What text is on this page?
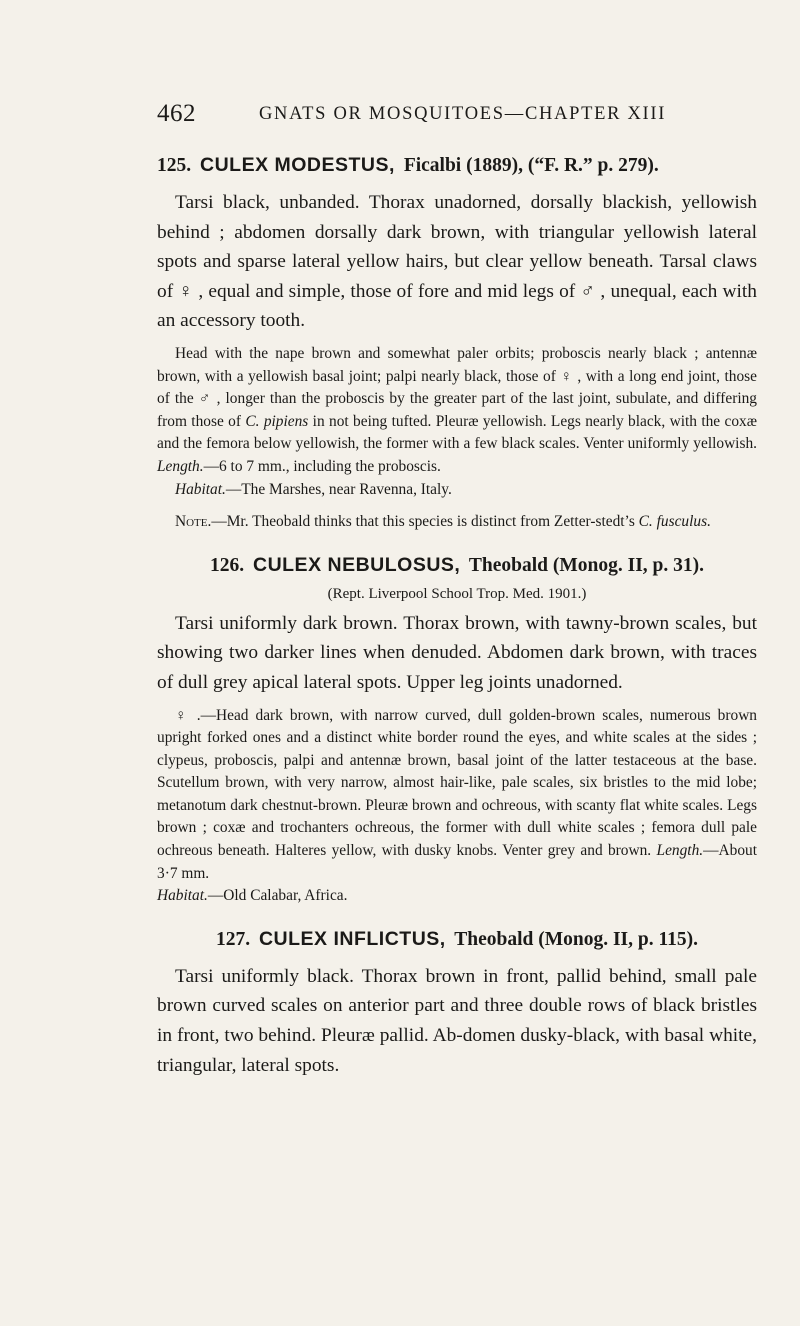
462	GNATS OR MOSQUITOES—CHAPTER XIII
125. CULEX MODESTUS, Ficalbi (1889), (“F. R.” p. 279).

Tarsi black, unbanded. Thorax unadorned, dorsally blackish, yellowish behind ; abdomen dorsally dark brown, with triangular yellowish lateral spots and sparse lateral yellow hairs, but clear yellow beneath. Tarsal claws of ♀ , equal and simple, those of fore and mid legs of ♂ , unequal, each with an accessory tooth.

Head with the nape brown and somewhat paler orbits; proboscis nearly black ; antennæ brown, with a yellowish basal joint; palpi nearly black, those of ♀ , with a long end joint, those of the ♂ , longer than the proboscis by the greater part of the last joint, subulate, and differing from those of C. pipiens in not being tufted. Pleuræ yellowish. Legs nearly black, with the coxæ and the femora below yellowish, the former with a few black scales. Venter uniformly yellowish. Length.—6 to 7 mm., including the proboscis.

Habitat.—The Marshes, near Ravenna, Italy.

Note.—Mr. Theobald thinks that this species is distinct from Zetter-stedt’s C. fusculus.

126. CULEX NEBULOSUS, Theobald (Monog. II, p. 31).

(Rept. Liverpool School Trop. Med. 1901.)

Tarsi uniformly dark brown. Thorax brown, with tawny-brown scales, but showing two darker lines when denuded. Abdomen dark brown, with traces of dull grey apical lateral spots. Upper leg joints unadorned.

♀ .—Head dark brown, with narrow curved, dull golden-brown scales, numerous brown upright forked ones and a distinct white border round the eyes, and white scales at the sides ; clypeus, proboscis, palpi and antennæ brown, basal joint of the latter testaceous at the base. Scutellum brown, with very narrow, almost hair-like, pale scales, six bristles to the mid lobe; metanotum dark chestnut-brown. Pleuræ brown and ochreous, with scanty flat white scales. Legs brown ; coxæ and trochanters ochreous, the former with dull white scales ; femora dull pale ochreous beneath. Halteres yellow, with dusky knobs. Venter grey and brown. Length.—About 3·7 mm.

Habitat.—Old Calabar, Africa.

127. CULEX INFLICTUS, Theobald (Monog. II, p. 115).

Tarsi uniformly black. Thorax brown in front, pallid behind, small pale brown curved scales on anterior part and three double rows of black bristles in front, two behind. Pleuræ pallid. Ab-domen dusky-black, with basal white, triangular, lateral spots.
